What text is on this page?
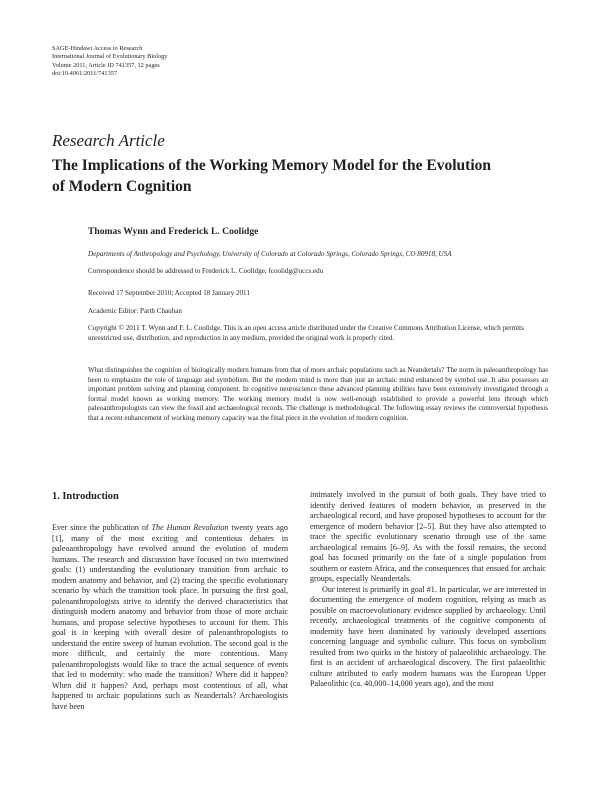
SAGE-Hindawi Access to Research
International Journal of Evolutionary Biology
Volume 2011, Article ID 741357, 12 pages
doi:10.4061/2011/741357
Research Article
The Implications of the Working Memory Model for the Evolution of Modern Cognition
Thomas Wynn and Frederick L. Coolidge
Departments of Anthropology and Psychology, University of Colorado at Colorado Springs, Colorado Springs, CO 80918, USA
Correspondence should be addressed to Frederick L. Coolidge, fcoolidg@uccs.edu
Received 17 September 2010; Accepted 18 January 2011
Academic Editor: Parth Chauhan
Copyright © 2011 T. Wynn and F. L. Coolidge. This is an open access article distributed under the Creative Commons Attribution License, which permits unrestricted use, distribution, and reproduction in any medium, provided the original work is properly cited.

What distinguishes the cognition of biologically modern humans from that of more archaic populations such as Neandertals? The norm in paleoanthropology has been to emphasize the role of language and symbolism. But the modern mind is more than just an archaic mind enhanced by symbol use. It also possesses an important problem solving and planning component. In cognitive neuroscience these advanced planning abilities have been extensively investigated through a formal model known as working memory. The working memory model is now well-enough established to provide a powerful lens through which paleoanthropologists can view the fossil and archaeological records. The challenge is methodological. The following essay reviews the controversial hypothesis that a recent enhancement of working memory capacity was the final piece in the evolution of modern cognition.

1. Introduction

Ever since the publication of The Human Revolution twenty years ago [1], many of the most exciting and contentious debates in paleoanthropology have revolved around the evolution of modern humans. The research and discussion have focused on two intertwined goals: (1) understanding the evolutionary transition from archaic to modern anatomy and behavior, and (2) tracing the specific evolutionary scenario by which the transition took place. In pursuing the first goal, paleoanthropologists strive to identify the derived characteristics that distinguish modern anatomy and behavior from those of more archaic humans, and propose selective hypotheses to account for them. This goal is in keeping with overall desire of paleoanthropologists to understand the entire sweep of human evolution. The second goal is the more difficult, and certainly the more contentious. Many paleoanthropologists would like to trace the actual sequence of events that led to modernity: who made the transition? Where did it happen? When did it happen? And, perhaps most contentious of all, what happened to archaic populations such as Neandertals? Archaeologists have been

intimately involved in the pursuit of both goals. They have tried to identify derived features of modern behavior, as preserved in the archaeological record, and have proposed hypotheses to account for the emergence of modern behavior [2–5]. But they have also attempted to trace the specific evolutionary scenario through use of the same archaeological remains [6–9]. As with the fossil remains, the second goal has focused primarily on the fate of a single population from southern or eastern Africa, and the consequences that ensued for archaic groups, especially Neandertals.

Our interest is primarily in goal #1. In particular, we are interested in documenting the emergence of modern cognition, relying as much as possible on macroevolutionary evidence supplied by archaeology. Until recently, archaeological treatments of the cognitive components of modernity have been dominated by variously developed assertions concerning language and symbolic culture. This focus on symbolism resulted from two quirks in the history of palaeolithic archaeology. The first is an accident of archaeological discovery. The first palaeolithic culture attributed to early modern humans was the European Upper Palaeolithic (ca. 40,000–14,000 years ago), and the most
